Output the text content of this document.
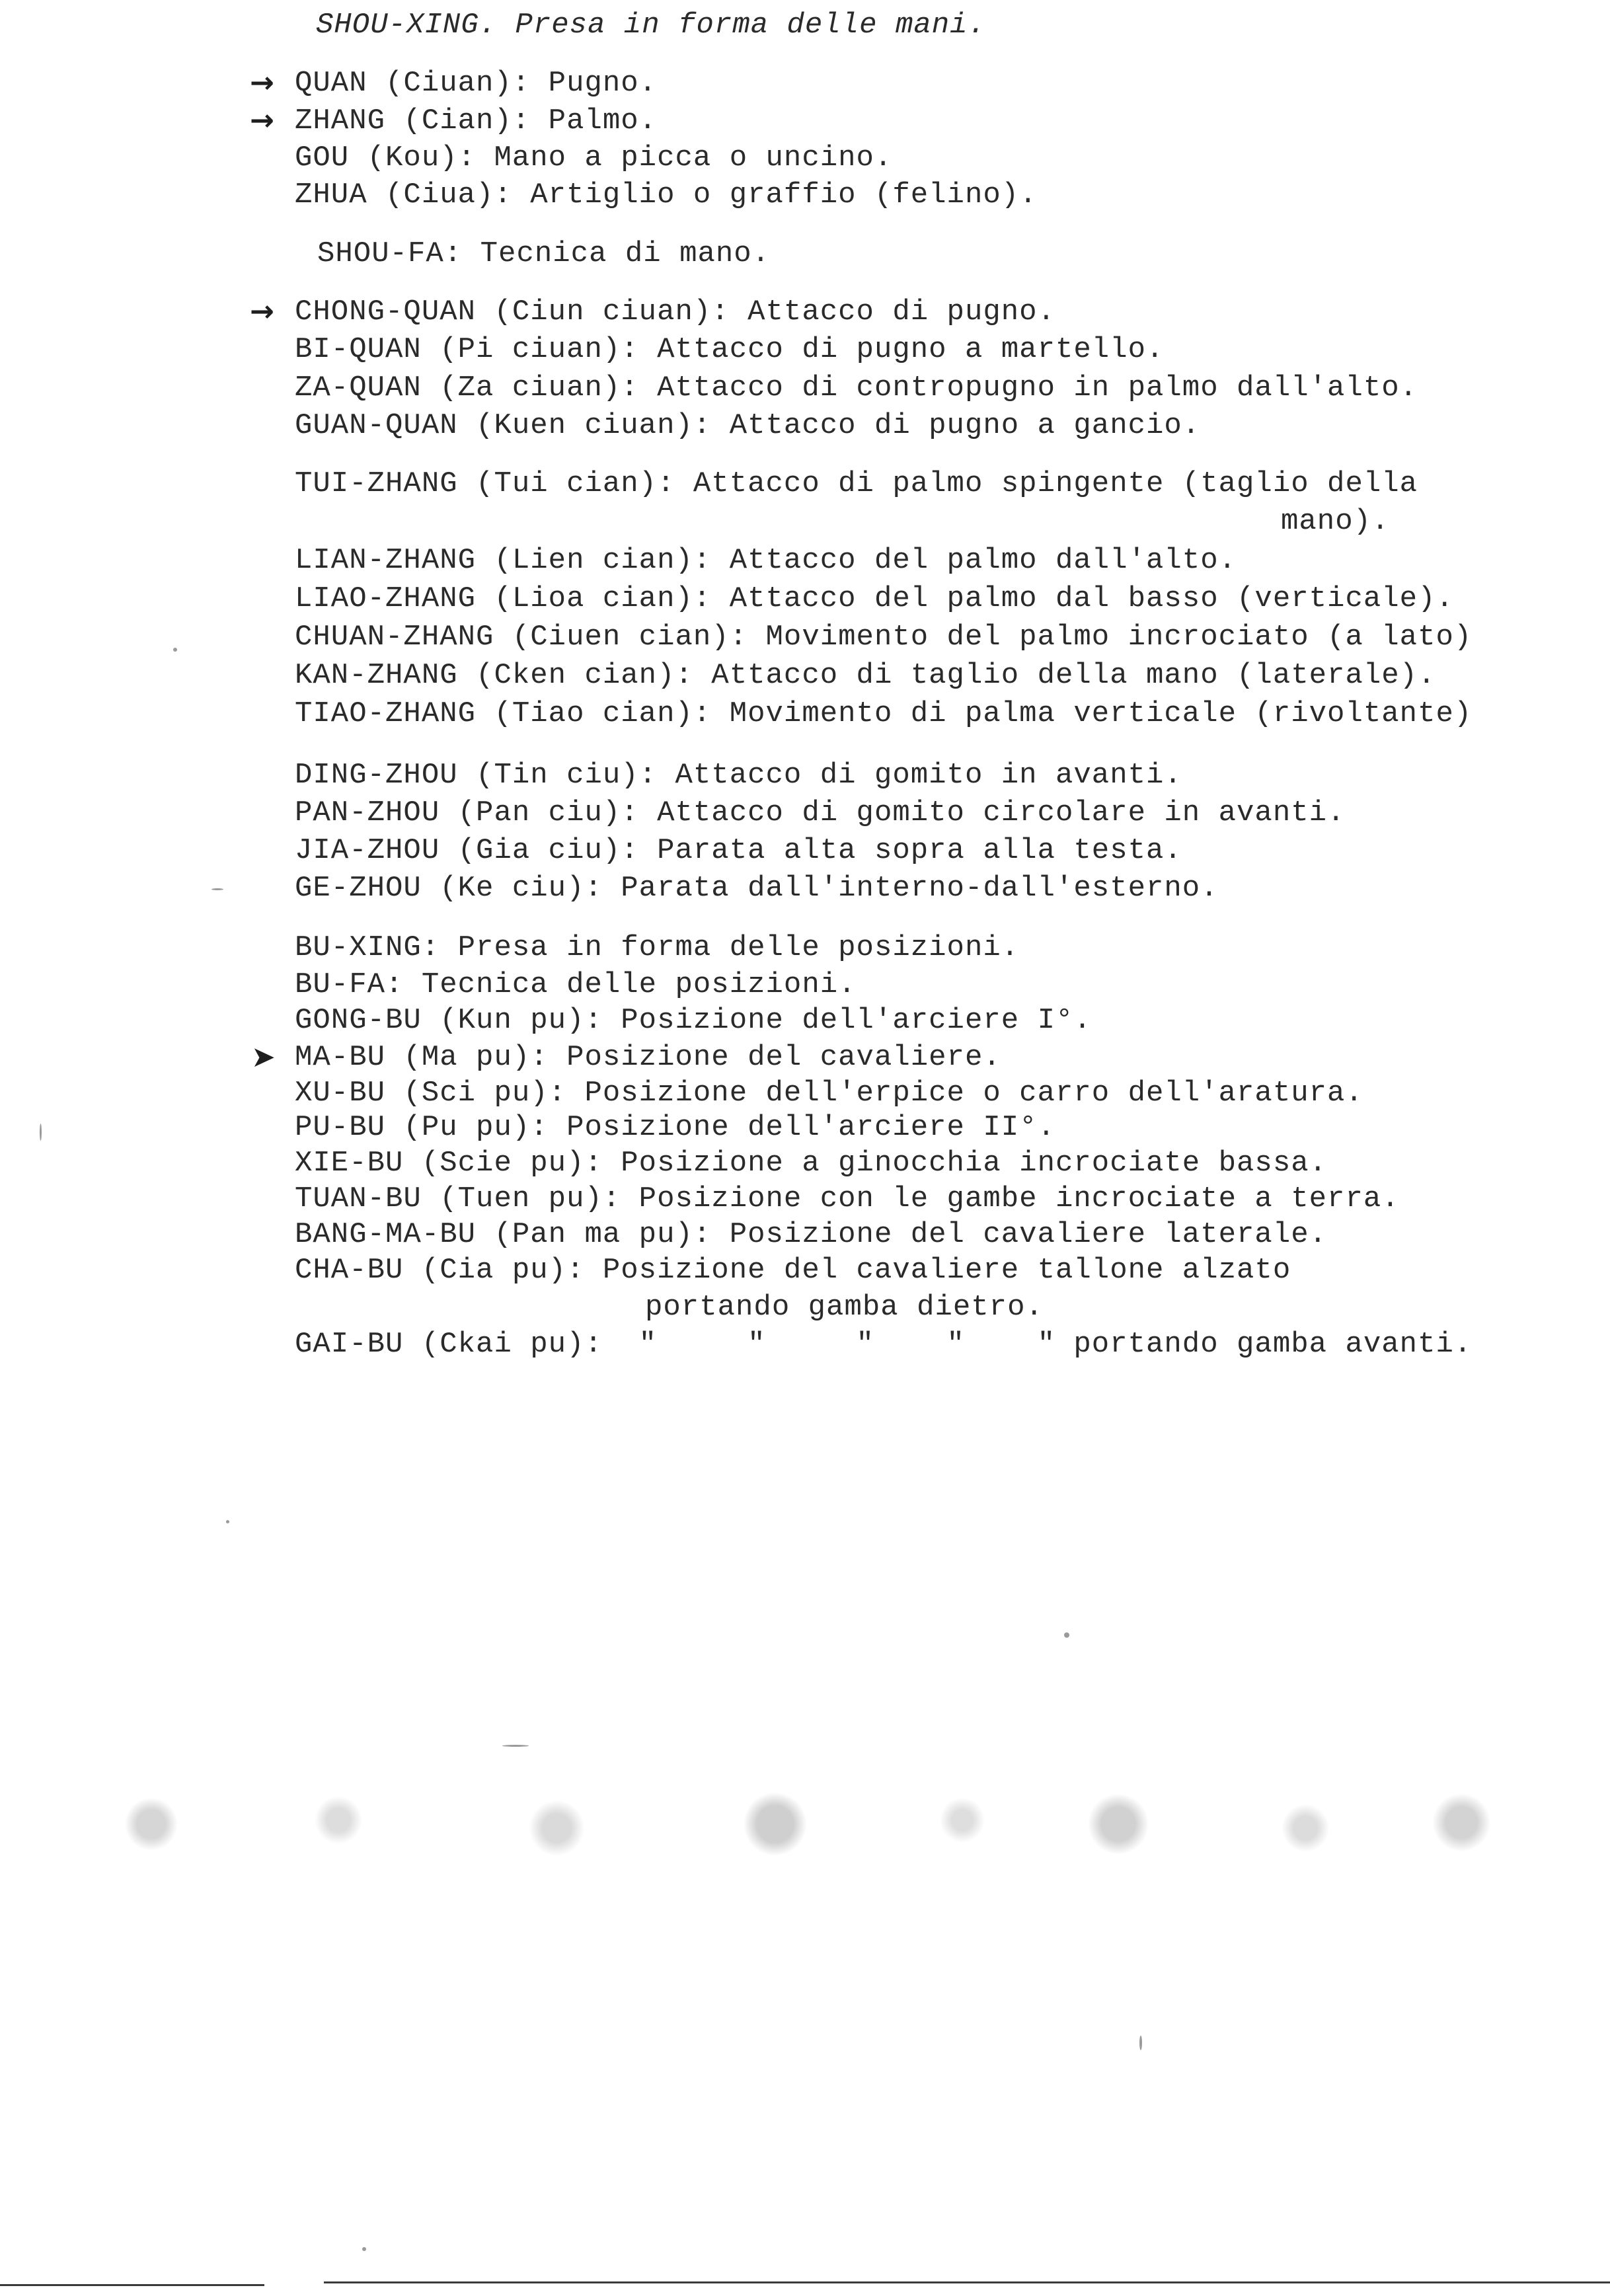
SHOU-XING. Presa in forma delle mani.
→ QUAN (Ciuan): Pugno.
→ ZHANG (Cian): Palmo.
GOU (Kou): Mano a picca o uncino.
ZHUA (Ciua): Artiglio o graffio (felino).
SHOU-FA: Tecnica di mano.
→ CHONG-QUAN (Ciun ciuan): Attacco di pugno.
BI-QUAN (Pi ciuan): Attacco di pugno a martello.
ZA-QUAN (Za ciuan): Attacco di contropugno in palmo dall'alto.
GUAN-QUAN (Kuen ciuan): Attacco di pugno a gancio.
TUI-ZHANG (Tui cian): Attacco di palmo spingente (taglio della
mano).
LIAN-ZHANG (Lien cian): Attacco del palmo dall'alto.
LIAO-ZHANG (Lioa cian): Attacco del palmo dal basso (verticale).
CHUAN-ZHANG (Ciuen cian): Movimento del palmo incrociato (a lato)
KAN-ZHANG (Cken cian): Attacco di taglio della mano (laterale).
TIAO-ZHANG (Tiao cian): Movimento di palma verticale (rivoltante)
DING-ZHOU (Tin ciu): Attacco di gomito in avanti.
PAN-ZHOU (Pan ciu): Attacco di gomito circolare in avanti.
JIA-ZHOU (Gia ciu): Parata alta sopra alla testa.
GE-ZHOU (Ke ciu): Parata dall'interno-dall'esterno.
BU-XING: Presa in forma delle posizioni.
BU-FA: Tecnica delle posizioni.
GONG-BU (Kun pu): Posizione dell'arciere I°.
➤ MA-BU (Ma pu): Posizione del cavaliere.
XU-BU (Sci pu): Posizione dell'erpice o carro dell'aratura.
PU-BU (Pu pu): Posizione dell'arciere II°.
XIE-BU (Scie pu): Posizione a ginocchia incrociate bassa.
TUAN-BU (Tuen pu): Posizione con le gambe incrociate a terra.
BANG-MA-BU (Pan ma pu): Posizione del cavaliere laterale.
CHA-BU (Cia pu): Posizione del cavaliere tallone alzato
portando gamba dietro.
GAI-BU (Ckai pu):  "     "     "    "    " portando gamba avanti.
